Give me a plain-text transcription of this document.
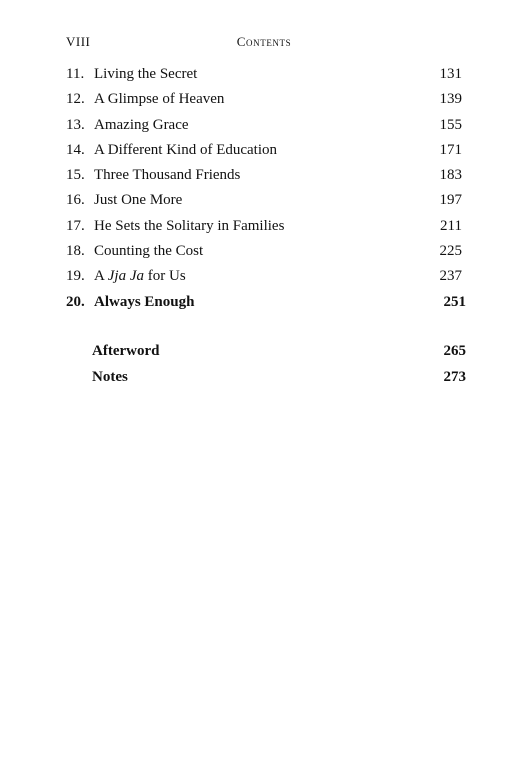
VIII	Contents
11. Living the Secret	131
12. A Glimpse of Heaven	139
13. Amazing Grace	155
14. A Different Kind of Education	171
15. Three Thousand Friends	183
16. Just One More	197
17. He Sets the Solitary in Families	211
18. Counting the Cost	225
19. A Jja Ja for Us	237
20. Always Enough	251
Afterword	265
Notes	273
